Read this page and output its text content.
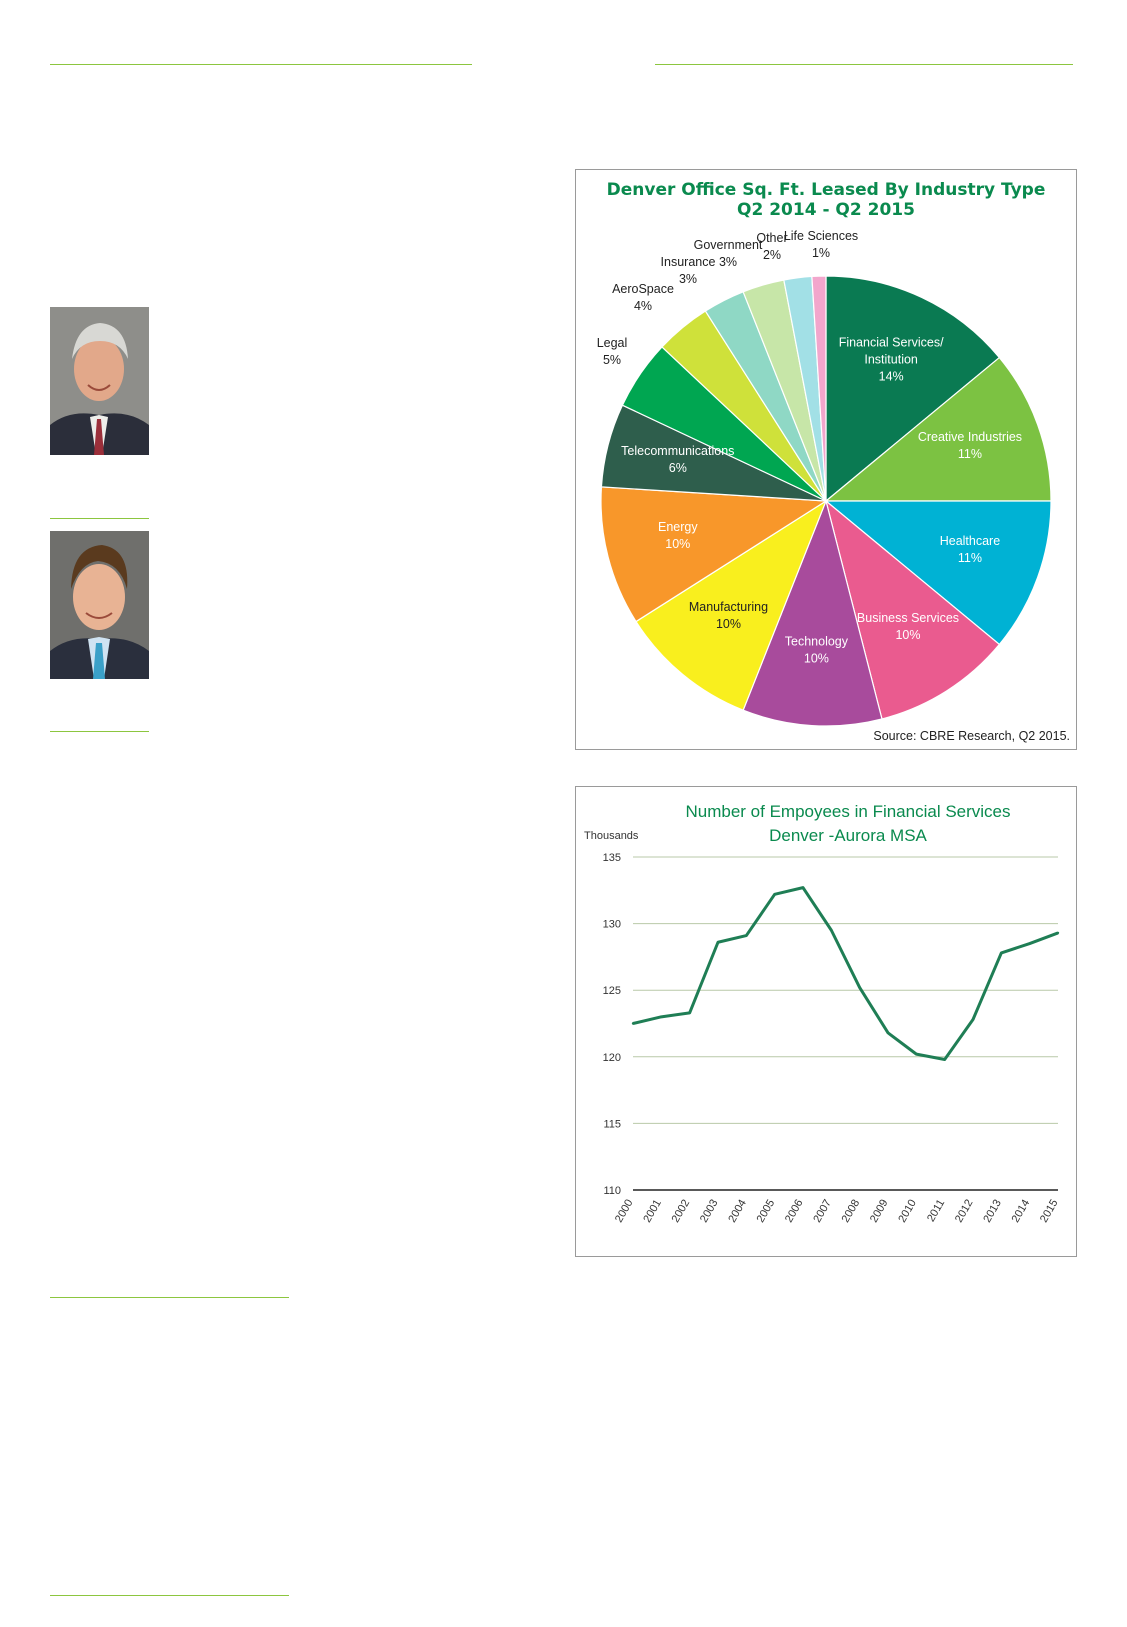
Denver Office Sq. Ft. Leased By Industry Type
Q2 2014 - Q2 2015
Financial Services/
Institution
14%
Creative Industries
11%
Healthcare
11%
Business Services
10%
Technology
10%
Manufacturing
10%
Energy
10%
Telecommunications
6%
Legal
5%
AeroSpace
4%
Insurance
3%
Government
3%
Other
2%
Life Sciences
1%
Source: CBRE Research, Q2 2015.
Number of Empoyees in Financial Services
Denver -Aurora MSA
Thousands
110
115
120
125
130
135
2000 2001 2002 2003 2004 2005 2006 2007 2008 2009 2010 2011 2012 2013 2014 2015
